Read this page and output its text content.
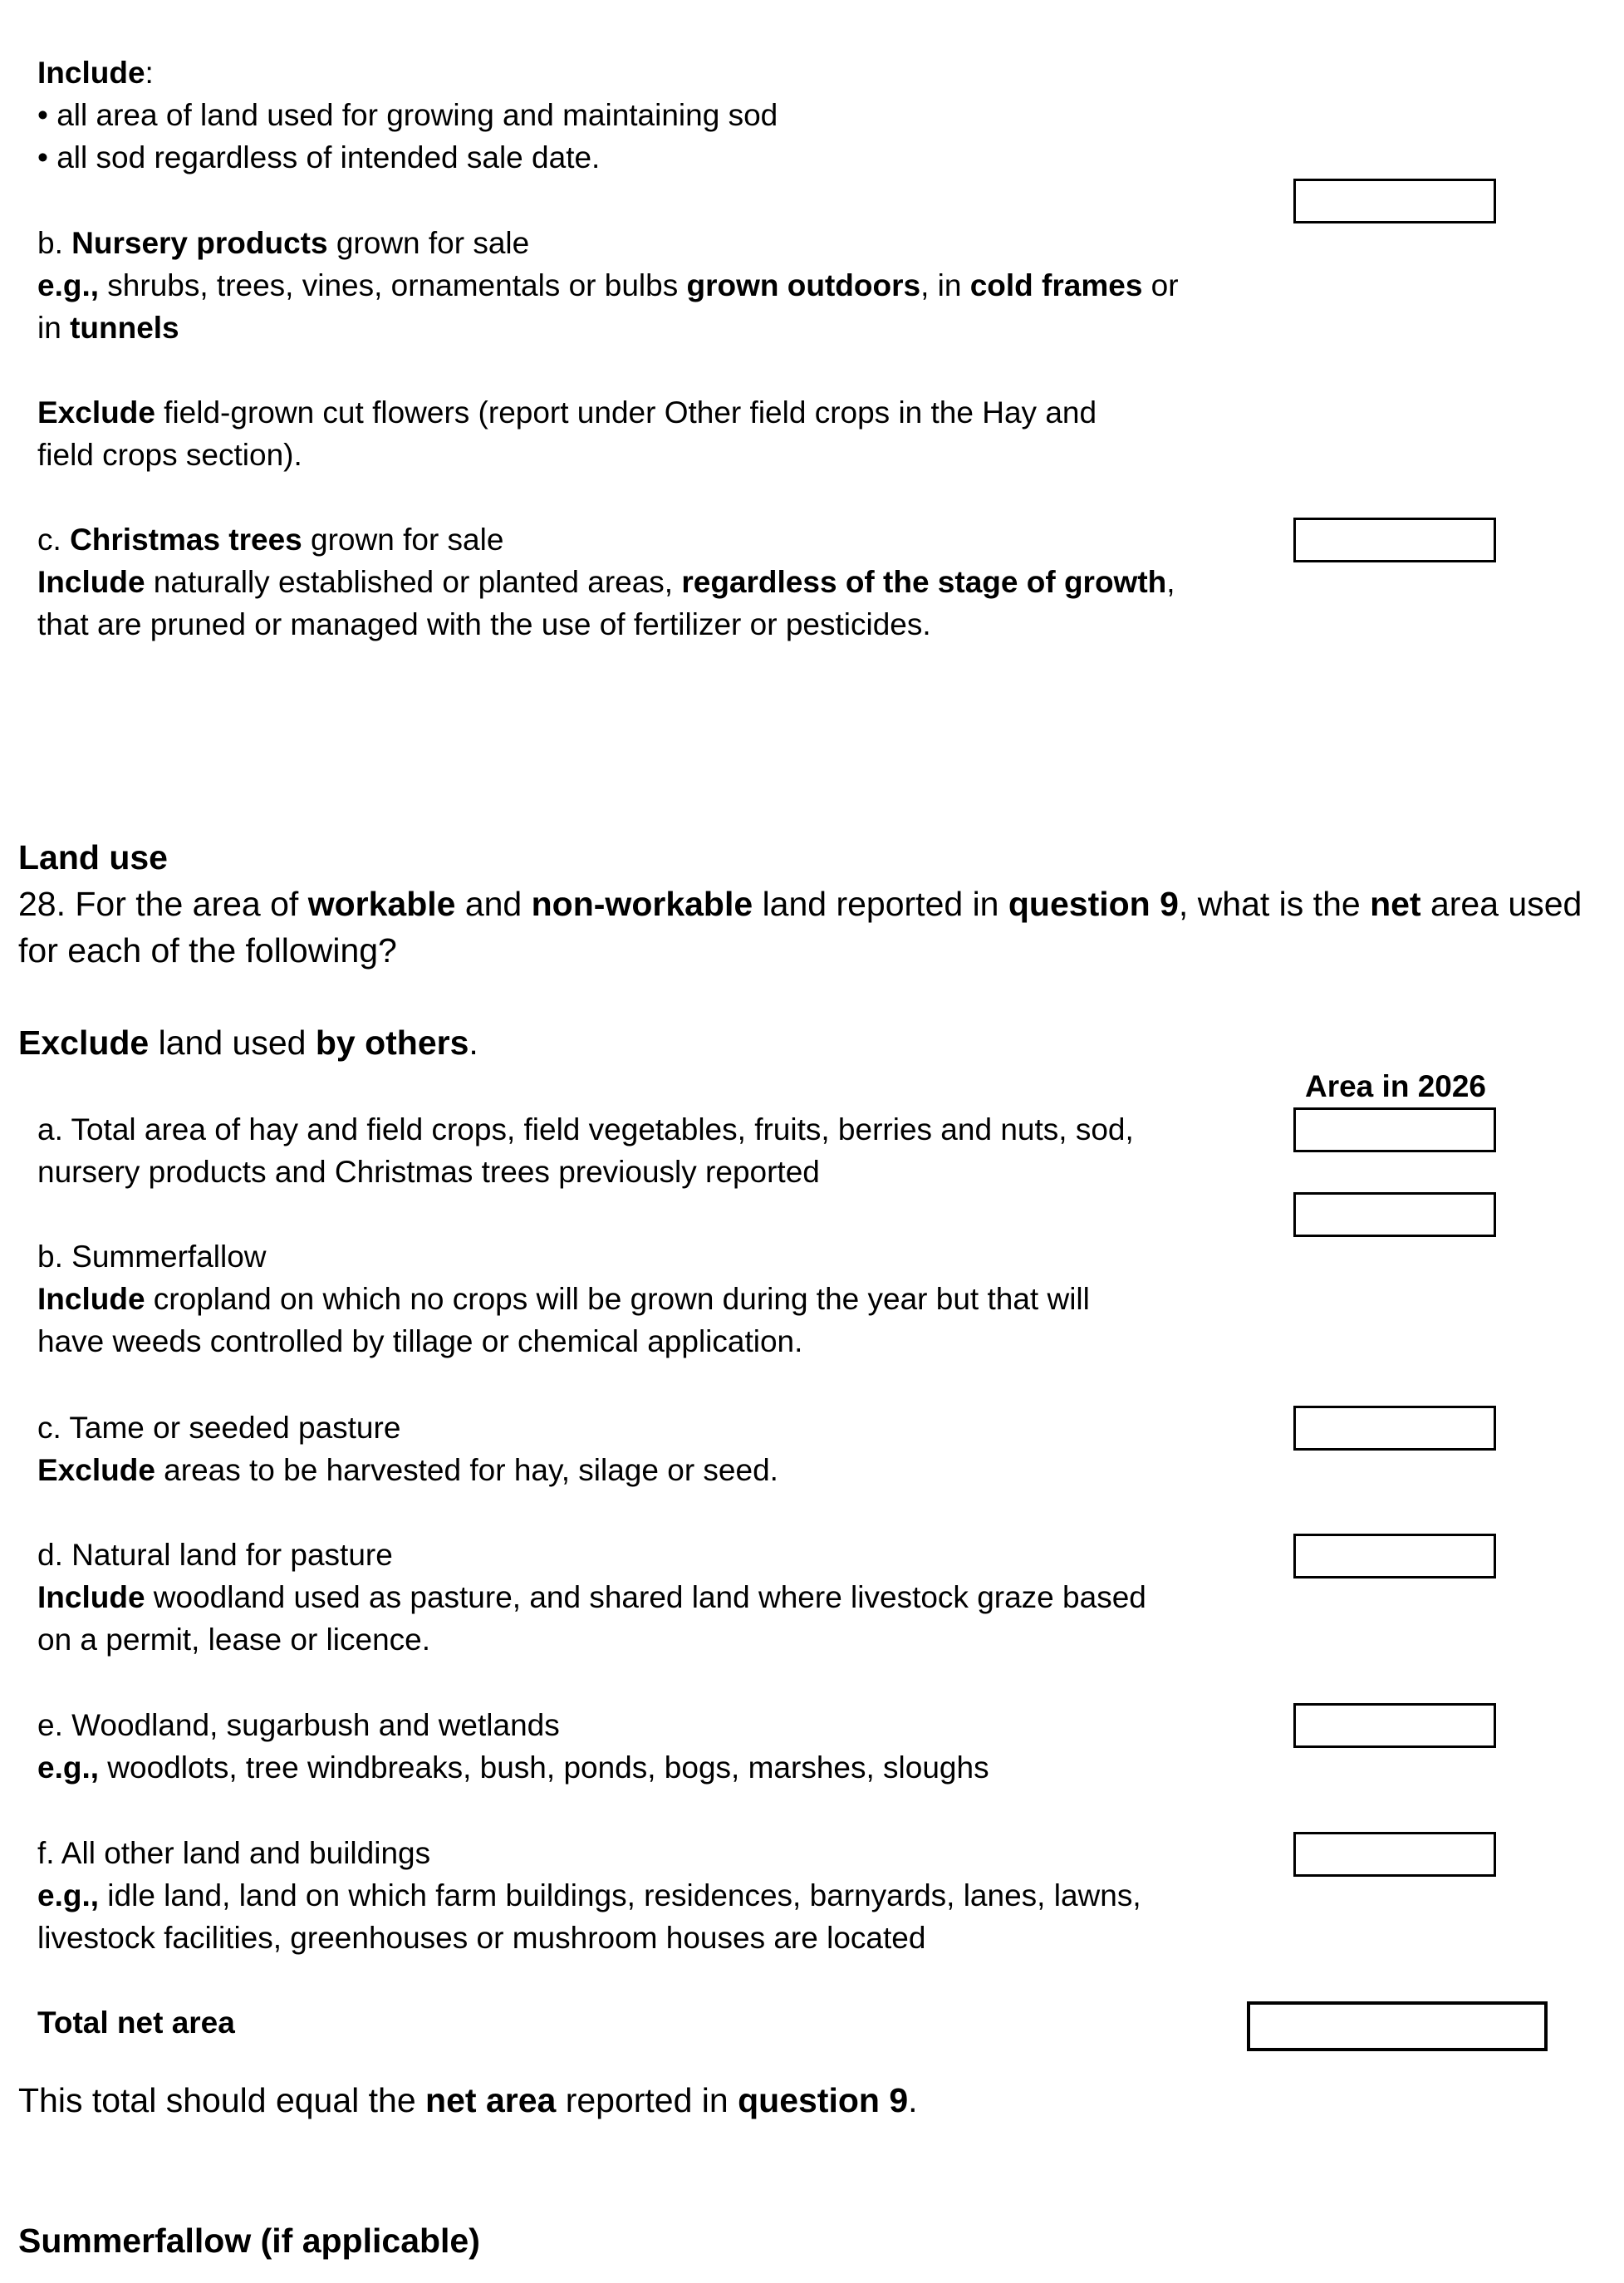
Include:
• all area of land used for growing and maintaining sod
• all sod regardless of intended sale date.
b. Nursery products grown for sale
e.g., shrubs, trees, vines, ornamentals or bulbs grown outdoors, in cold frames or
in tunnels
Exclude field-grown cut flowers (report under Other field crops in the Hay and
field crops section).
c. Christmas trees grown for sale
Include naturally established or planted areas, regardless of the stage of growth,
that are pruned or managed with the use of fertilizer or pesticides.
Land use
28. For the area of workable and non-workable land reported in question 9, what is the net area used
for each of the following?
Exclude land used by others.
Area in 2026
a. Total area of hay and field crops, field vegetables, fruits, berries and nuts, sod,
nursery products and Christmas trees previously reported
b. Summerfallow
Include cropland on which no crops will be grown during the year but that will
have weeds controlled by tillage or chemical application.
c. Tame or seeded pasture
Exclude areas to be harvested for hay, silage or seed.
d. Natural land for pasture
Include woodland used as pasture, and shared land where livestock graze based
on a permit, lease or licence.
e. Woodland, sugarbush and wetlands
e.g., woodlots, tree windbreaks, bush, ponds, bogs, marshes, sloughs
f. All other land and buildings
e.g., idle land, land on which farm buildings, residences, barnyards, lanes, lawns,
livestock facilities, greenhouses or mushroom houses are located
Total net area
This total should equal the net area reported in question 9.
Summerfallow (if applicable)
